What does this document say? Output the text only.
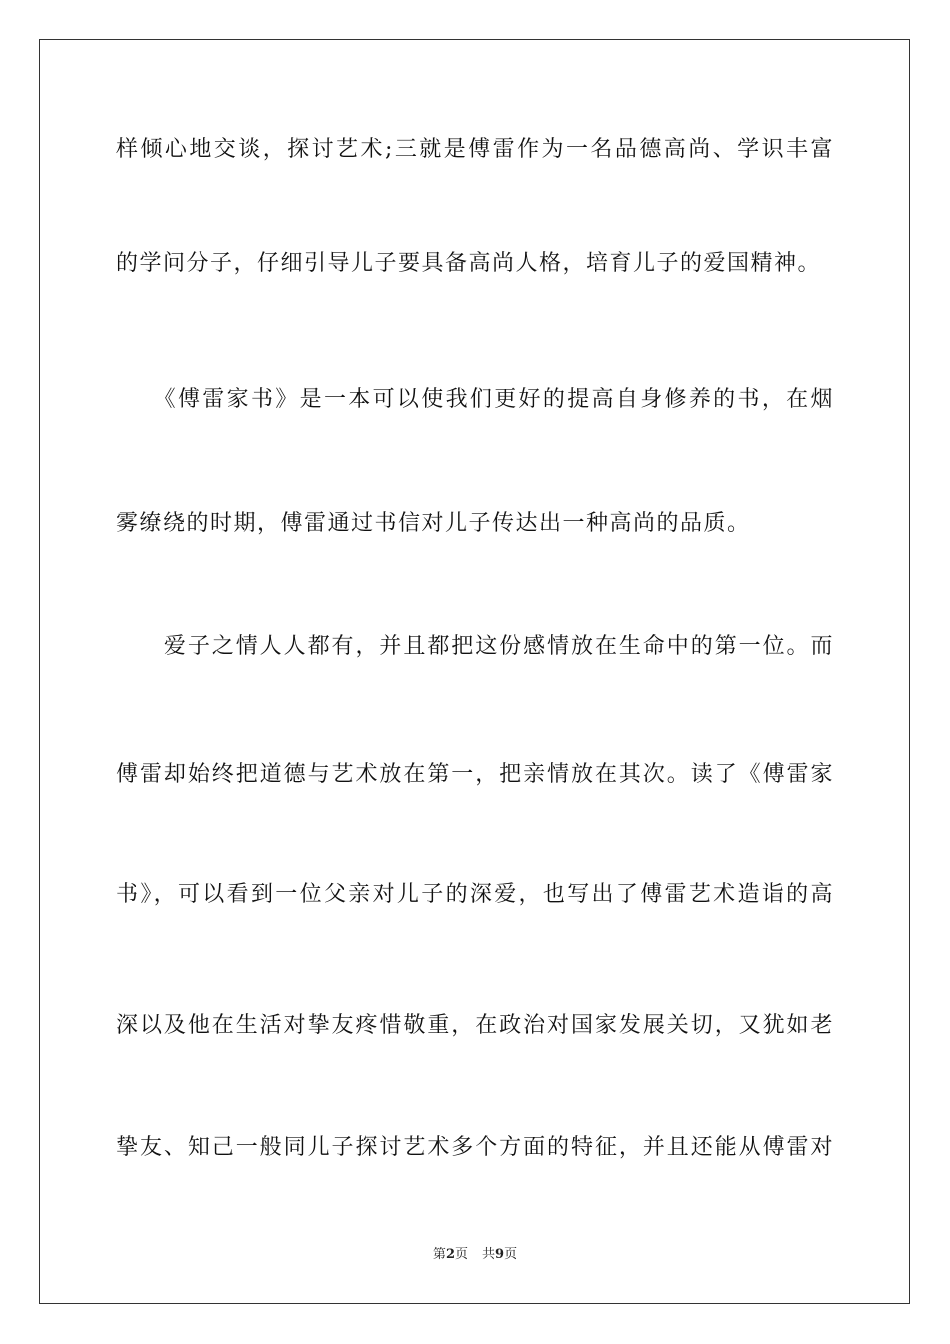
样倾心地交谈，探讨艺术;三就是傅雷作为一名品德高尚、学识丰富
的学问分子，仔细引导儿子要具备高尚人格，培育儿子的爱国精神。
　　《傅雷家书》是一本可以使我们更好的提高自身修养的书，在烟
雾缭绕的时期，傅雷通过书信对儿子传达出一种高尚的品质。
　　爱子之情人人都有，并且都把这份感情放在生命中的第一位。而
傅雷却始终把道德与艺术放在第一，把亲情放在其次。读了《傅雷家
书》，可以看到一位父亲对儿子的深爱，也写出了傅雷艺术造诣的高
深以及他在生活对挚友疼惜敬重，在政治对国家发展关切，又犹如老
挚友、知己一般同儿子探讨艺术多个方面的特征，并且还能从傅雷对
第2页 共9页
